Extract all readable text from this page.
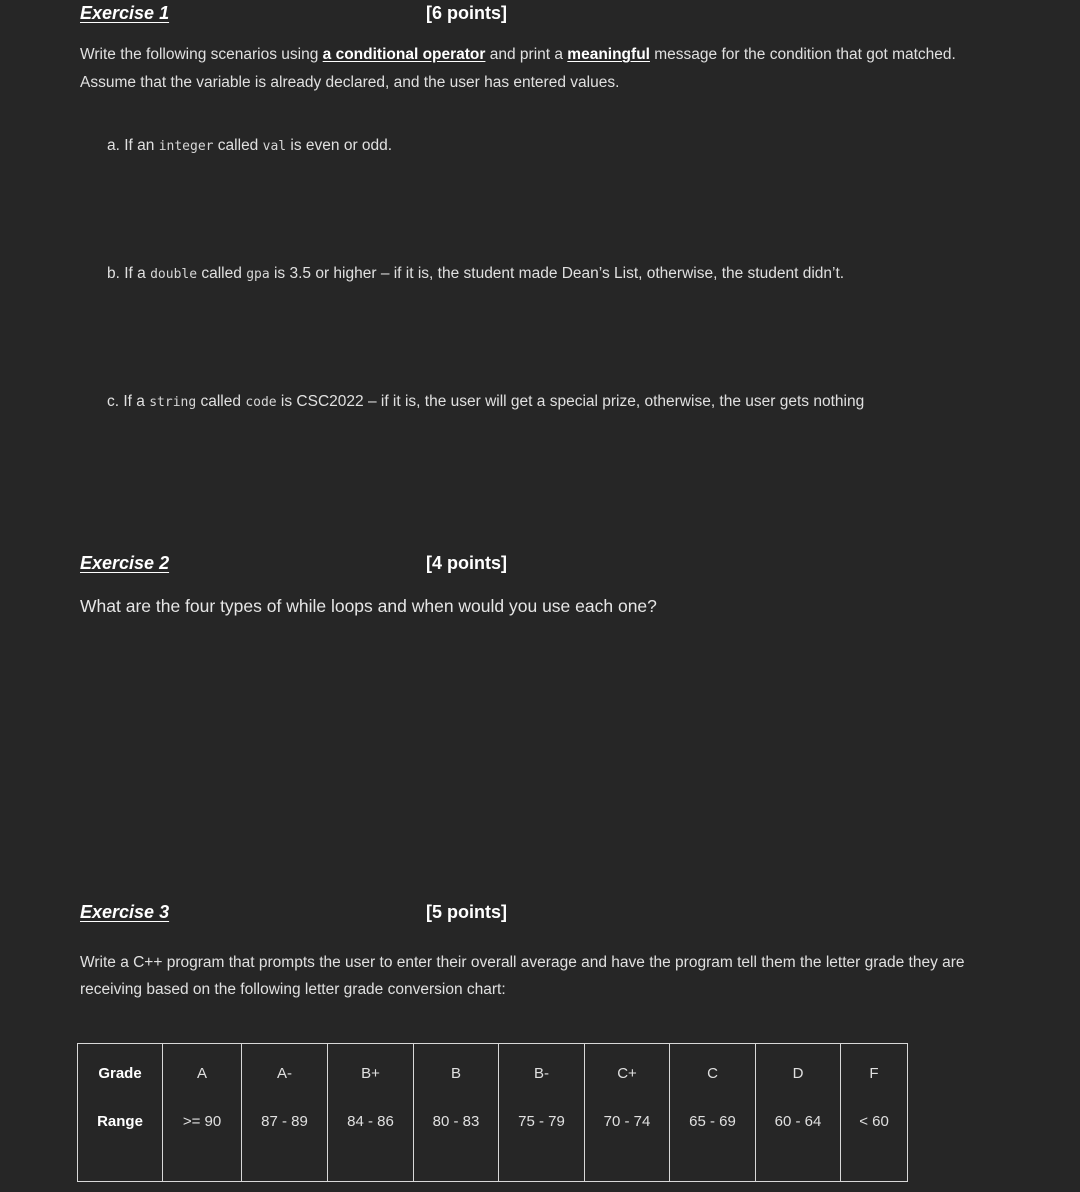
Exercise 1	[6 points]
Write the following scenarios using a conditional operator and print a meaningful message for the condition that got matched.
Assume that the variable is already declared, and the user has entered values.
a. If an integer called val is even or odd.
b. If a double called gpa is 3.5 or higher – if it is, the student made Dean’s List, otherwise, the student didn’t.
c. If a string called code is CSC2022 – if it is, the user will get a special prize, otherwise, the user gets nothing
Exercise 2	[4 points]
What are the four types of while loops and when would you use each one?
Exercise 3	[5 points]
Write a C++ program that prompts the user to enter their overall average and have the program tell them the letter grade they are
receiving based on the following letter grade conversion chart:
Grade	A	A-	B+	B	B-	C+	C	D	F
Range	>= 90	87 - 89	84 - 86	80 - 83	75 - 79	70 - 74	65 - 69	60 - 64	< 60
